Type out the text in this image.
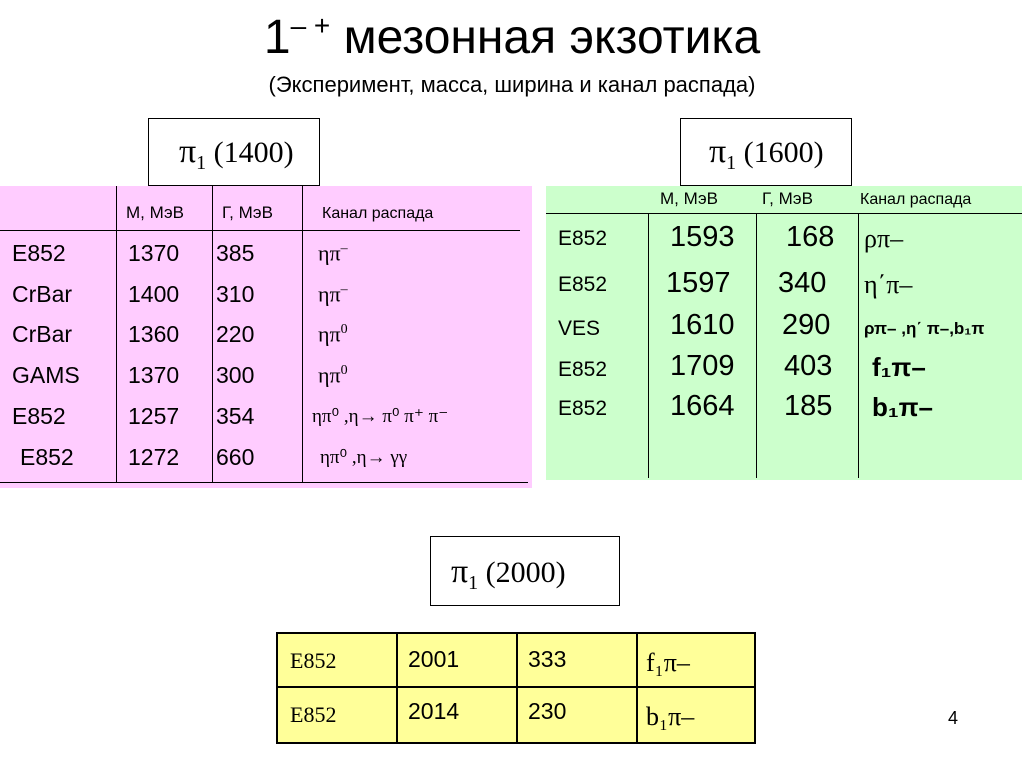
1– + мезонная экзотика
(Эксперимент, масса, ширина и канал распада)
$\pi_1$ (1400)	$\pi_1$ (1600)
$\pi_1$ (2000)
M, МэВ Г, МэВ	Канал распада
E852	1370 385	ηπ–
CrBar 1400 310	ηπ–
CrBar 1360 220	$\eta\pi^0$
GAMS 1370 300	$\eta\pi^0$
E852	1257 354	ηπ⁰ ,η→ π⁰ π⁺ π⁻
E852 1272 660	ηπ⁰ ,η→ γγ
M, МэВ	Г, МэВ	Канал распада
E852 1593 168 ρπ–
E852 1597 340 η΄π–
VES 1610 290 ρπ– ,η΄ π–,b₁π
E852 1709 403 f₁π–
E852 1664 185 b₁π–
E852	2001	333	f₁π–
E852	2014	230	b₁π–	4
